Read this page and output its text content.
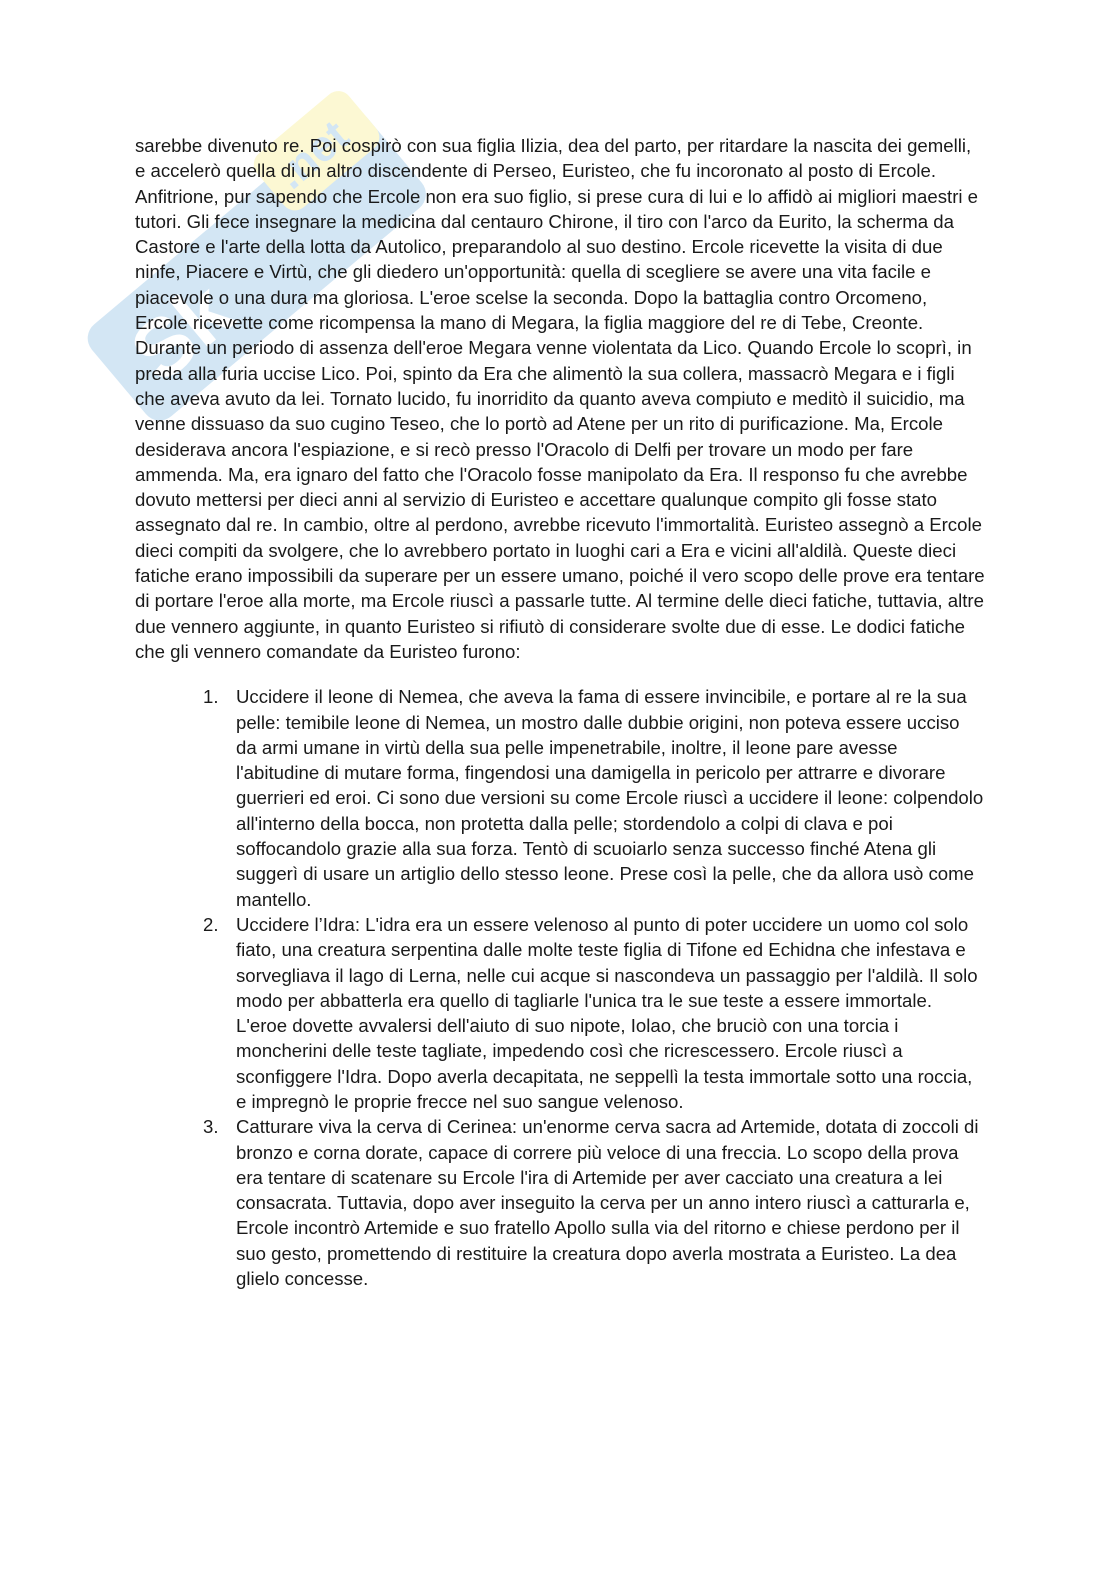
Sk
.net

sarebbe divenuto re. Poi cospirò con sua figlia Ilizia, dea del parto, per ritardare la nascita dei gemelli, e accelerò quella di un altro discendente di Perseo, Euristeo, che fu incoronato al posto di Ercole. Anfitrione, pur sapendo che Ercole non era suo figlio, si prese cura di lui e lo affidò ai migliori maestri e tutori. Gli fece insegnare la medicina dal centauro Chirone, il tiro con l'arco da Eurito, la scherma da Castore e l'arte della lotta da Autolico, preparandolo al suo destino. Ercole ricevette la visita di due ninfe, Piacere e Virtù, che gli diedero un'opportunità: quella di scegliere se avere una vita facile e piacevole o una dura ma gloriosa. L'eroe scelse la seconda. Dopo la battaglia contro Orcomeno, Ercole ricevette come ricompensa la mano di Megara, la figlia maggiore del re di Tebe, Creonte. Durante un periodo di assenza dell'eroe Megara venne violentata da Lico. Quando Ercole lo scoprì, in preda alla furia uccise Lico. Poi, spinto da Era che alimentò la sua collera, massacrò Megara e i figli che aveva avuto da lei. Tornato lucido, fu inorridito da quanto aveva compiuto e meditò il suicidio, ma venne dissuaso da suo cugino Teseo, che lo portò ad Atene per un rito di purificazione. Ma, Ercole desiderava ancora l'espiazione, e si recò presso l'Oracolo di Delfi per trovare un modo per fare ammenda. Ma, era ignaro del fatto che l'Oracolo fosse manipolato da Era. Il responso fu che avrebbe dovuto mettersi per dieci anni al servizio di Euristeo e accettare qualunque compito gli fosse stato assegnato dal re. In cambio, oltre al perdono, avrebbe ricevuto l'immortalità. Euristeo assegnò a Ercole dieci compiti da svolgere, che lo avrebbero portato in luoghi cari a Era e vicini all'aldilà. Queste dieci fatiche erano impossibili da superare per un essere umano, poiché il vero scopo delle prove era tentare di portare l'eroe alla morte, ma Ercole riuscì a passarle tutte. Al termine delle dieci fatiche, tuttavia, altre due vennero aggiunte, in quanto Euristeo si rifiutò di considerare svolte due di esse. Le dodici fatiche che gli vennero comandate da Euristeo furono:

1. Uccidere il leone di Nemea, che aveva la fama di essere invincibile, e portare al re la sua pelle: temibile leone di Nemea, un mostro dalle dubbie origini, non poteva essere ucciso da armi umane in virtù della sua pelle impenetrabile, inoltre, il leone pare avesse l'abitudine di mutare forma, fingendosi una damigella in pericolo per attrarre e divorare guerrieri ed eroi. Ci sono due versioni su come Ercole riuscì a uccidere il leone: colpendolo all'interno della bocca, non protetta dalla pelle; stordendolo a colpi di clava e poi soffocandolo grazie alla sua forza. Tentò di scuoiarlo senza successo finché Atena gli suggerì di usare un artiglio dello stesso leone. Prese così la pelle, che da allora usò come mantello.
2. Uccidere l’Idra: L'idra era un essere velenoso al punto di poter uccidere un uomo col solo fiato, una creatura serpentina dalle molte teste figlia di Tifone ed Echidna che infestava e sorvegliava il lago di Lerna, nelle cui acque si nascondeva un passaggio per l'aldilà. Il solo modo per abbatterla era quello di tagliarle l'unica tra le sue teste a essere immortale. L'eroe dovette avvalersi dell'aiuto di suo nipote, Iolao, che bruciò con una torcia i moncherini delle teste tagliate, impedendo così che ricrescessero. Ercole riuscì a sconfiggere l'Idra. Dopo averla decapitata, ne seppellì la testa immortale sotto una roccia, e impregnò le proprie frecce nel suo sangue velenoso.
3. Catturare viva la cerva di Cerinea: un'enorme cerva sacra ad Artemide, dotata di zoccoli di bronzo e corna dorate, capace di correre più veloce di una freccia. Lo scopo della prova era tentare di scatenare su Ercole l'ira di Artemide per aver cacciato una creatura a lei consacrata. Tuttavia, dopo aver inseguito la cerva per un anno intero riuscì a catturarla e, Ercole incontrò Artemide e suo fratello Apollo sulla via del ritorno e chiese perdono per il suo gesto, promettendo di restituire la creatura dopo averla mostrata a Euristeo. La dea glielo concesse.
